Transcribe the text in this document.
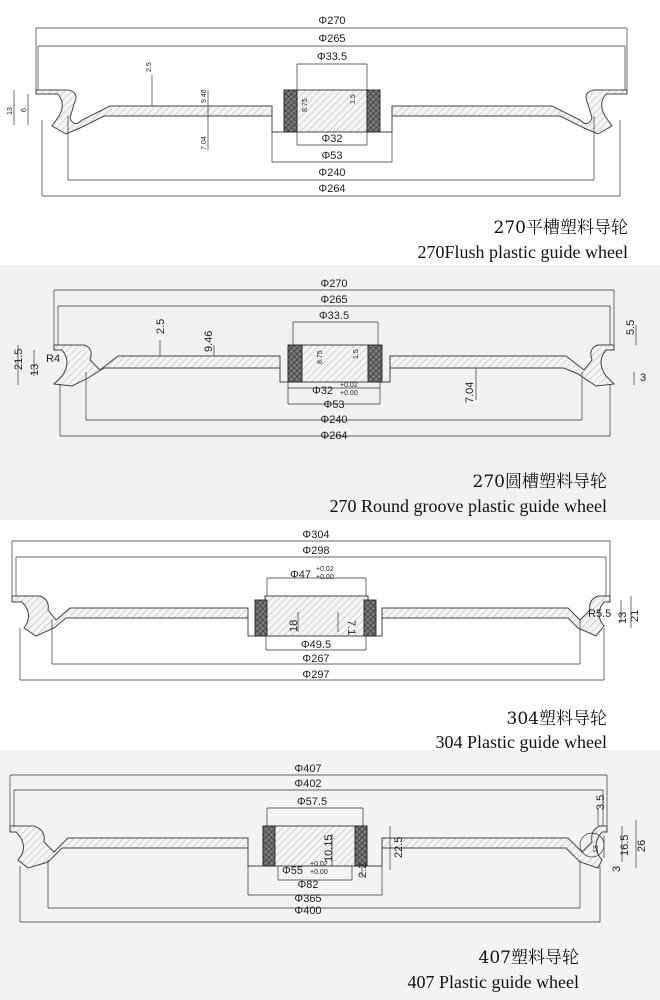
Φ270
Φ265
Φ33.5
2.5
9.46
7.04
8.75	1.5
13 6
Φ32
Φ53
Φ240
Φ264
270平槽塑料导轮
270Flush plastic guide wheel
Φ270
Φ265
Φ33.5
2.5
9.46
8.75	1.5
7.04
5.5
3
21.5 13
R4
Φ32 +0.02
+0.00
Φ53
Φ240
Φ264
270圆槽塑料导轮
270 Round groove plastic guide wheel
Φ304
Φ298
Φ47 +0.02
+0.00
18	7.1
Φ49.5
Φ267
Φ297
R5.5 13 21
304塑料导轮
304 Plastic guide wheel
Φ407
Φ402
Φ57.5	3.5
10.15	22.5
2.2
13 16.5 26
3
Φ55
+0.02
+0.00
Φ82
Φ365
Φ400
407塑料导轮
407 Plastic guide wheel
